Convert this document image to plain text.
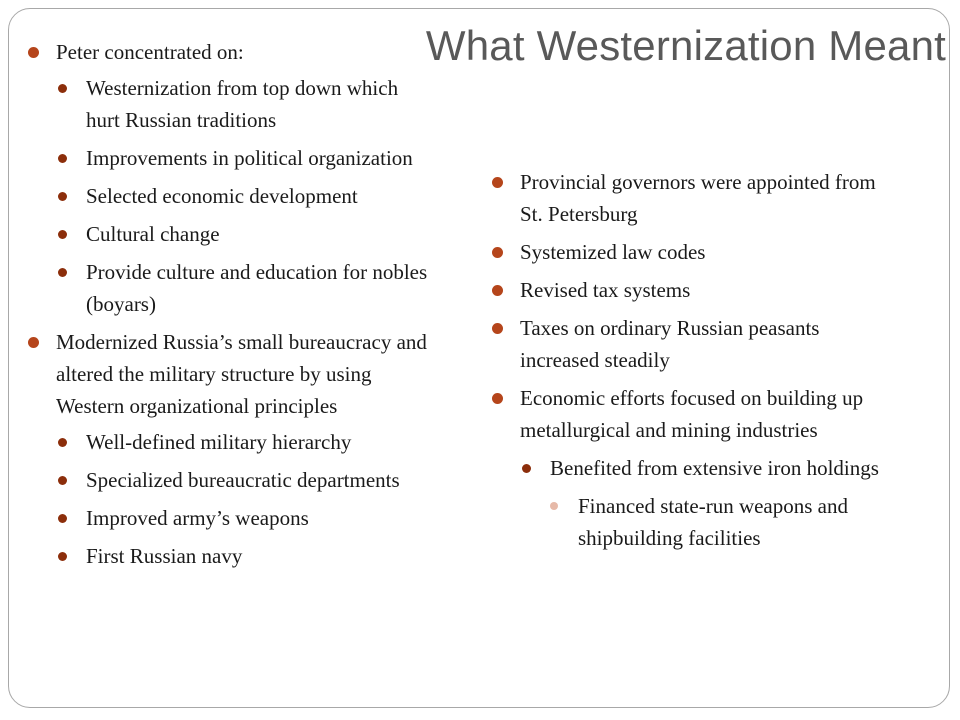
What Westernization Meant
Peter concentrated on:
Westernization from top down which hurt Russian traditions
Improvements in political organization
Selected economic development
Cultural change
Provide culture and education for nobles (boyars)
Modernized Russia’s small bureaucracy and altered the military structure by using Western organizational principles
Well-defined military hierarchy
Specialized bureaucratic departments
Improved army’s weapons
First Russian navy
Provincial governors were appointed from St. Petersburg
Systemized law codes
Revised tax systems
Taxes on ordinary Russian peasants increased steadily
Economic efforts focused on building up metallurgical and mining industries
Benefited from extensive iron holdings
Financed state-run weapons and shipbuilding facilities
